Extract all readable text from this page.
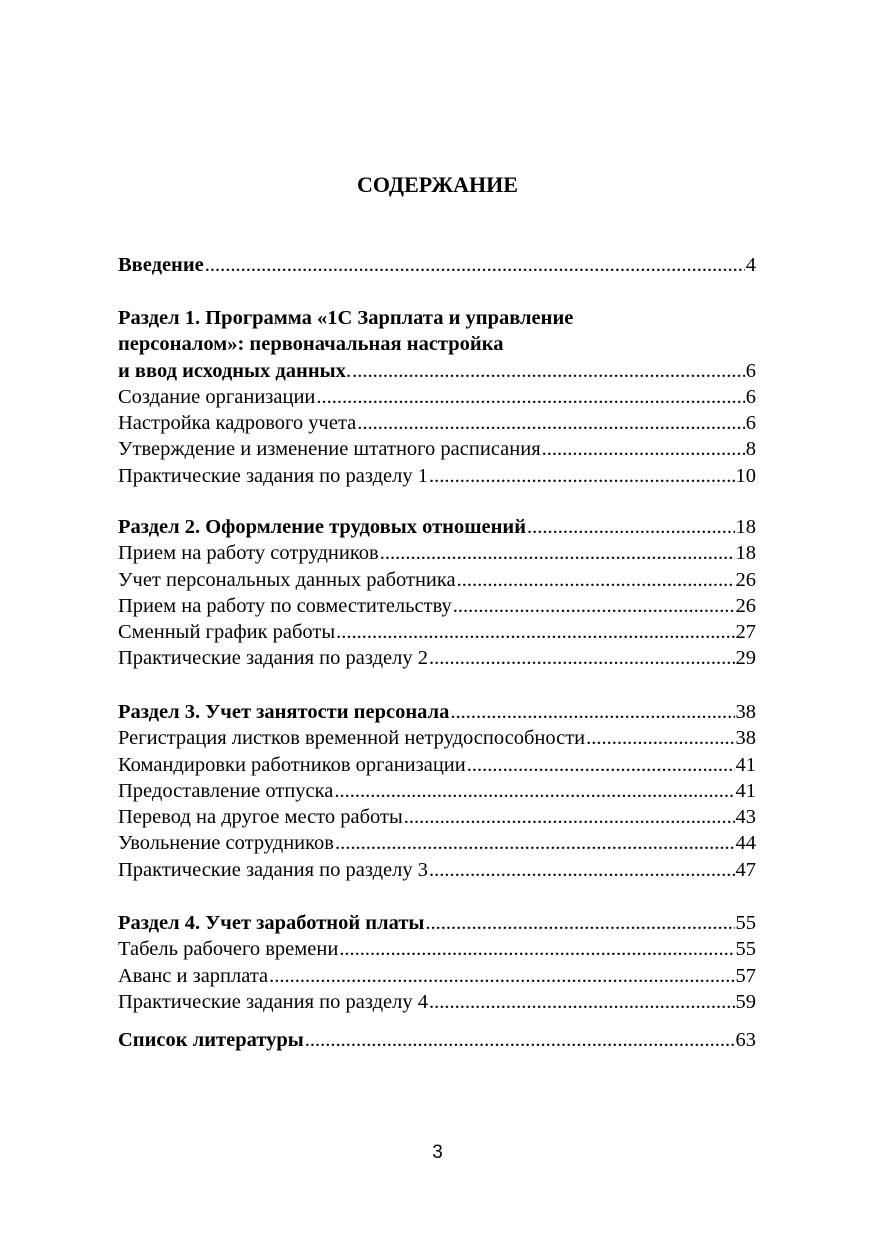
СОДЕРЖАНИЕ
Введение .....	4
Раздел 1. Программа «1С Зарплата и управление
персоналом»: первоначальная настройка
и ввод исходных данных. .....	6
Создание организации .....	6
Настройка кадрового учета .....	6
Утверждение и изменение штатного расписания .....	8
Практические задания по разделу 1 .....	10
Раздел 2. Оформление трудовых отношений .....	18
Прием на работу сотрудников .....	18
Учет персональных данных работника .....	26
Прием на работу по совместительству .....	26
Сменный график работы .....	27
Практические задания по разделу 2 .....	29
Раздел 3. Учет занятости персонала .....	38
Регистрация листков временной нетрудоспособности .....	38
Командировки работников организации .....	41
Предоставление отпуска .....	41
Перевод на другое место работы .....	43
Увольнение сотрудников .....	44
Практические задания по разделу 3 .....	47
Раздел 4. Учет заработной платы .....	55
Табель рабочего времени .....	55
Аванс и зарплата .....	57
Практические задания по разделу 4 .....	59
Список литературы .....	63
3
